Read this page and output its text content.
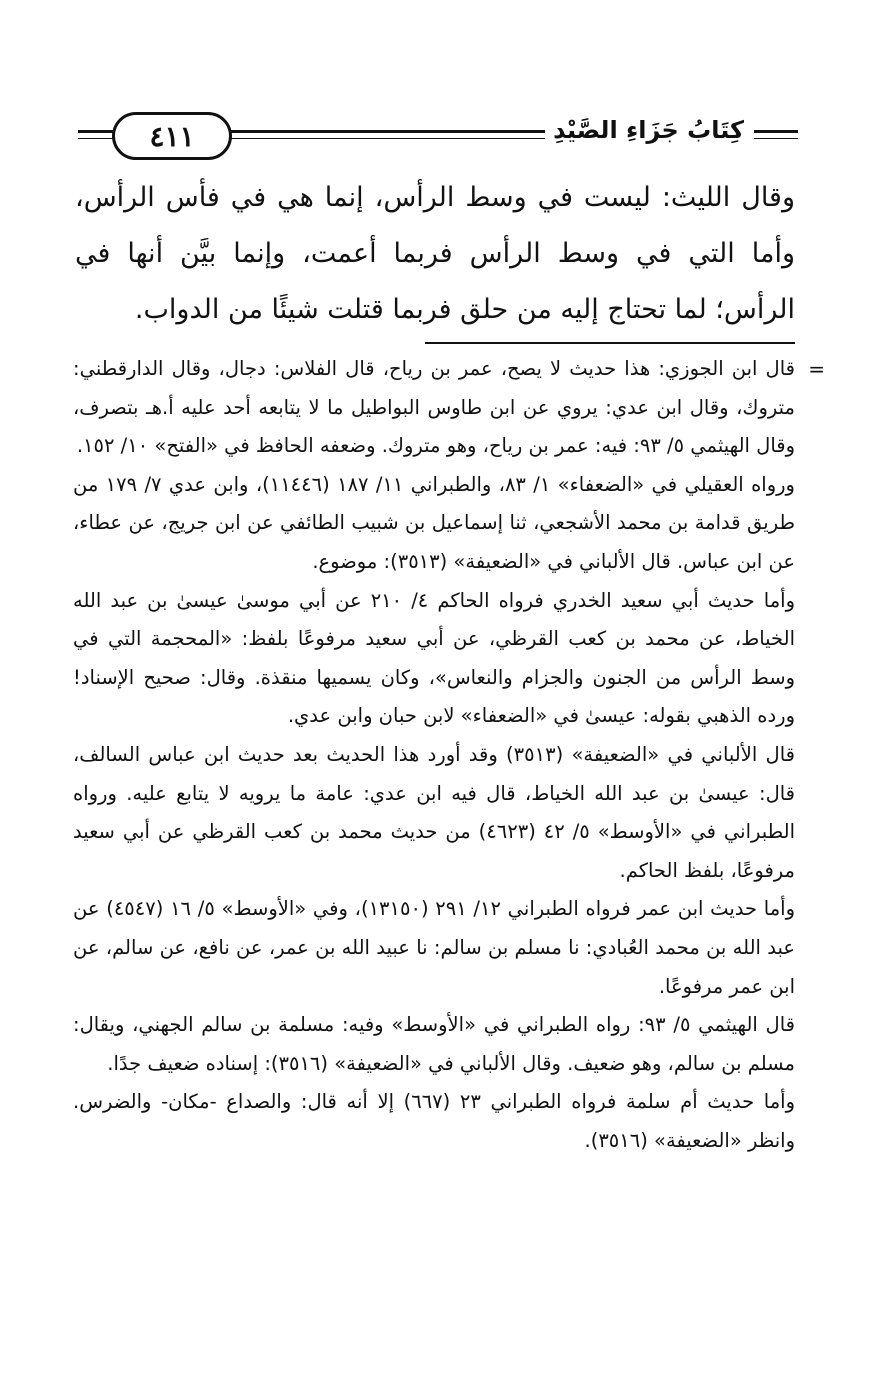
٤١١	كِتَابُ جَزَاءِ الصَّيْدِ

وقال الليث: ليست في وسط الرأس، إنما هي في فأس الرأس، وأما التي في وسط الرأس فربما أعمت، وإنما بيَّن أنها في الرأس؛ لما تحتاج إليه من حلق فربما قتلت شيئًا من الدواب.

=
قال ابن الجوزي: هذا حديث لا يصح، عمر بن رياح، قال الفلاس: دجال، وقال الدارقطني: متروك، وقال ابن عدي: يروي عن ابن طاوس البواطيل ما لا يتابعه أحد عليه أ.هـ بتصرف، وقال الهيثمي ٥/ ٩٣: فيه: عمر بن رياح، وهو متروك. وضعفه الحافظ في «الفتح» ١٠/ ١٥٢.

ورواه العقيلي في «الضعفاء» ١/ ٨٣، والطبراني ١١/ ١٨٧ (١١٤٤٦)، وابن عدي ٧/ ١٧٩ من طريق قدامة بن محمد الأشجعي، ثنا إسماعيل بن شبيب الطائفي عن ابن جريج، عن عطاء، عن ابن عباس. قال الألباني في «الضعيفة» (٣٥١٣): موضوع.

وأما حديث أبي سعيد الخدري فرواه الحاكم ٤/ ٢١٠ عن أبي موسىٰ عيسىٰ بن عبد الله الخياط، عن محمد بن كعب القرظي، عن أبي سعيد مرفوعًا بلفظ: «المحجمة التي في وسط الرأس من الجنون والجزام والنعاس»، وكان يسميها منقذة. وقال: صحيح الإسناد! ورده الذهبي بقوله: عيسىٰ في «الضعفاء» لابن حبان وابن عدي.

قال الألباني في «الضعيفة» (٣٥١٣) وقد أورد هذا الحديث بعد حديث ابن عباس السالف، قال: عيسىٰ بن عبد الله الخياط، قال فيه ابن عدي: عامة ما يرويه لا يتابع عليه. ورواه الطبراني في «الأوسط» ٥/ ٤٢ (٤٦٢٣) من حديث محمد بن كعب القرظي عن أبي سعيد مرفوعًا، بلفظ الحاكم.

وأما حديث ابن عمر فرواه الطبراني ١٢/ ٢٩١ (١٣١٥٠)، وفي «الأوسط» ٥/ ١٦ (٤٥٤٧) عن عبد الله بن محمد العُبادي: نا مسلم بن سالم: نا عبيد الله بن عمر، عن نافع، عن سالم، عن ابن عمر مرفوعًا.

قال الهيثمي ٥/ ٩٣: رواه الطبراني في «الأوسط» وفيه: مسلمة بن سالم الجهني، ويقال: مسلم بن سالم، وهو ضعيف. وقال الألباني في «الضعيفة» (٣٥١٦): إسناده ضعيف جدًا.

وأما حديث أم سلمة فرواه الطبراني ٢٣ (٦٦٧) إلا أنه قال: والصداع -مكان- والضرس. وانظر «الضعيفة» (٣٥١٦).
